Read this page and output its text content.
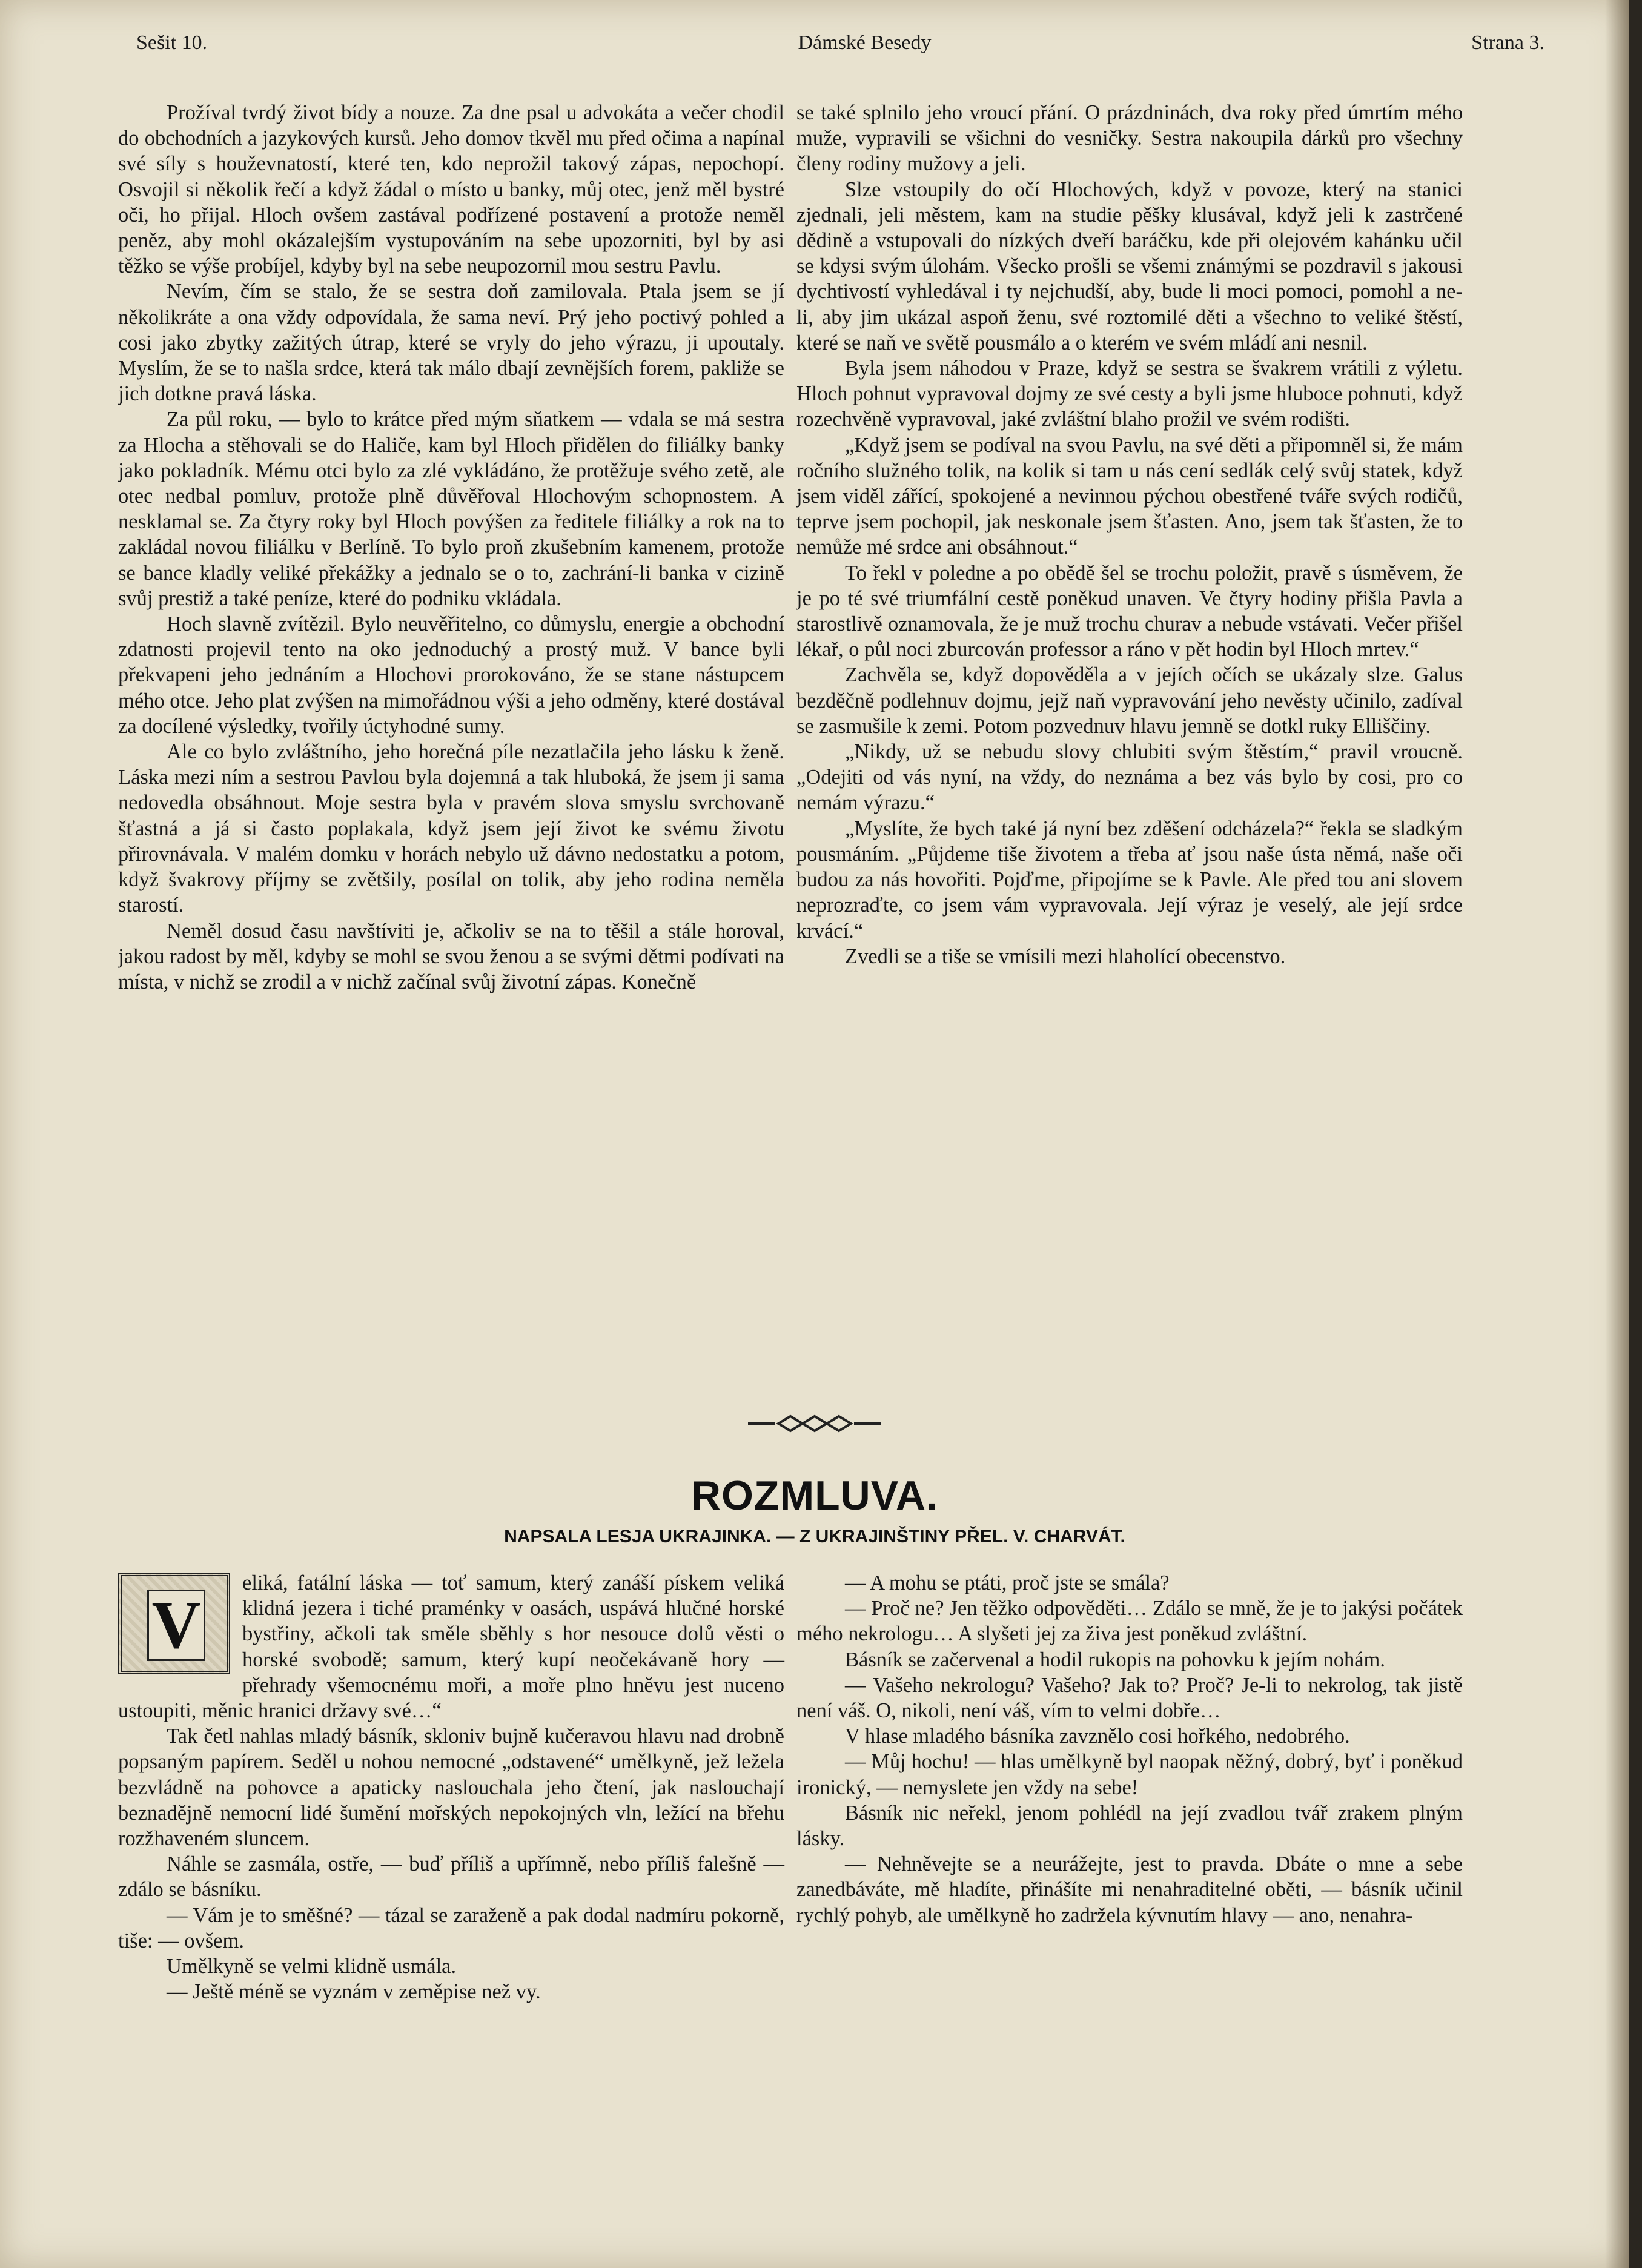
Sešit 10.	Dámské Besedy	Strana 3.

Prožíval tvrdý život bídy a nouze. Za dne psal u advokáta a večer chodil do obchodních a jazykových kursů. Jeho domov tkvěl mu před očima a napínal své síly s houževnatostí, které ten, kdo neprožil takový zápas, nepochopí. Osvojil si několik řečí a když žádal o místo u banky, můj otec, jenž měl bystré oči, ho přijal. Hloch ovšem zastával podřízené postavení a protože neměl peněz, aby mohl okázalejším vystupováním na sebe upozorniti, byl by asi těžko se výše probíjel, kdyby byl na sebe neupozornil mou sestru Pavlu.

Nevím, čím se stalo, že se sestra doň zamilovala. Ptala jsem se jí několikráte a ona vždy odpovídala, že sama neví. Prý jeho poctivý pohled a cosi jako zbytky zažitých útrap, které se vryly do jeho výrazu, ji upoutaly. Myslím, že se to našla srdce, která tak málo dbají zevnějších forem, pakliže se jich dotkne pravá láska.

Za půl roku, — bylo to krátce před mým sňatkem — vdala se má sestra za Hlocha a stěhovali se do Haliče, kam byl Hloch přidělen do filiálky banky jako pokladník. Mému otci bylo za zlé vykládáno, že protěžuje svého zetě, ale otec nedbal pomluv, protože plně důvěřoval Hlochovým schopnostem. A nesklamal se. Za čtyry roky byl Hloch povýšen za ředitele filiálky a rok na to zakládal novou filiálku v Berlíně. To bylo proň zkušebním kamenem, protože se bance kladly veliké překážky a jednalo se o to, zachrání-li banka v cizině svůj prestiž a také peníze, které do podniku vkládala.

Hoch slavně zvítězil. Bylo neuvěřitelno, co důmyslu, energie a obchodní zdatnosti projevil tento na oko jednoduchý a prostý muž. V bance byli překvapeni jeho jednáním a Hlochovi prorokováno, že se stane nástupcem mého otce. Jeho plat zvýšen na mimořádnou výši a jeho odměny, které dostával za docílené výsledky, tvořily úctyhodné sumy.

Ale co bylo zvláštního, jeho horečná píle nezatlačila jeho lásku k ženě. Láska mezi ním a sestrou Pavlou byla dojemná a tak hluboká, že jsem ji sama nedovedla obsáhnout. Moje sestra byla v pravém slova smyslu svrchovaně šťastná a já si často poplakala, když jsem její život ke svému životu přirovnávala. V malém domku v horách nebylo už dávno nedostatku a potom, když švakrovy příjmy se zvětšily, posílal on tolik, aby jeho rodina neměla starostí.

Neměl dosud času navštíviti je, ačkoliv se na to těšil a stále horoval, jakou radost by měl, kdyby se mohl se svou ženou a se svými dětmi podívati na místa, v nichž se zrodil a v nichž začínal svůj životní zápas. Konečně

se také splnilo jeho vroucí přání. O prázdninách, dva roky před úmrtím mého muže, vypravili se všichni do vesničky. Sestra nakoupila dárků pro všechny členy rodiny mužovy a jeli.

Slze vstoupily do očí Hlochových, když v povoze, který na stanici zjednali, jeli městem, kam na studie pěšky klusával, když jeli k zastrčené dědině a vstupovali do nízkých dveří baráčku, kde při olejovém kahánku učil se kdysi svým úlohám. Všecko prošli se všemi známými se pozdravil s jakousi dychtivostí vyhledával i ty nejchudší, aby, bude li moci pomoci, pomohl a ne-li, aby jim ukázal aspoň ženu, své roztomilé děti a všechno to veliké štěstí, které se naň ve světě pousmálo a o kterém ve svém mládí ani nesnil.

Byla jsem náhodou v Praze, když se sestra se švakrem vrátili z výletu. Hloch pohnut vypravoval dojmy ze své cesty a byli jsme hluboce pohnuti, když rozechvěně vypravoval, jaké zvláštní blaho prožil ve svém rodišti.

„Když jsem se podíval na svou Pavlu, na své děti a připomněl si, že mám ročního služného tolik, na kolik si tam u nás cení sedlák celý svůj statek, když jsem viděl zářící, spokojené a nevinnou pýchou obestřené tváře svých rodičů, teprve jsem pochopil, jak neskonale jsem šťasten. Ano, jsem tak šťasten, že to nemůže mé srdce ani obsáhnout.“

To řekl v poledne a po obědě šel se trochu položit, pravě s úsměvem, že je po té své triumfální cestě poněkud unaven. Ve čtyry hodiny přišla Pavla a starostlivě oznamovala, že je muž trochu churav a nebude vstávati. Večer přišel lékař, o půl noci zburcován professor a ráno v pět hodin byl Hloch mrtev.“

Zachvěla se, když dopověděla a v jejích očích se ukázaly slze. Galus bezděčně podlehnuv dojmu, jejž naň vypravování jeho nevěsty učinilo, zadíval se zasmušile k zemi. Potom pozvednuv hlavu jemně se dotkl ruky Elliščiny.

„Nikdy, už se nebudu slovy chlubiti svým štěstím,“ pravil vroucně. „Odejiti od vás nyní, na vždy, do neznáma a bez vás bylo by cosi, pro co nemám výrazu.“

„Myslíte, že bych také já nyní bez zděšení odcházela?“ řekla se sladkým pousmáním. „Půjdeme tiše životem a třeba ať jsou naše ústa němá, naše oči budou za nás hovořiti. Pojďme, připojíme se k Pavle. Ale před tou ani slovem neprozraďte, co jsem vám vypravovala. Její výraz je veselý, ale její srdce krvácí.“

Zvedli se a tiše se vmísili mezi hlaholící obecenstvo.

ROZMLUVA.
NAPSALA LESJA UKRAJINKA. — Z UKRAJINŠTINY PŘEL. V. CHARVÁT.
V

eliká, fatální láska — toť samum, který zanáší pískem veliká klidná jezera i tiché praménky v oasách, uspává hlučné horské bystřiny, ačkoli tak směle sběhly s hor nesouce dolů věsti o horské svobodě; samum, který kupí neočekávaně hory — přehrady všemocnému moři, a moře plno hněvu jest nuceno ustoupiti, měnic hranici državy své…“

Tak četl nahlas mladý básník, skloniv bujně kučeravou hlavu nad drobně popsaným papírem. Seděl u nohou nemocné „odstavené“ umělkyně, jež ležela bezvládně na pohovce a apaticky naslouchala jeho čtení, jak naslouchají beznadějně nemocní lidé šumění mořských nepokojných vln, ležící na břehu rozžhaveném sluncem.

Náhle se zasmála, ostře, — buď příliš a upřímně, nebo příliš falešně — zdálo se básníku.

— Vám je to směšné? — tázal se zaraženě a pak dodal nadmíru pokorně, tiše: — ovšem.

Umělkyně se velmi klidně usmála.

— Ještě méně se vyznám v zeměpise než vy.

— A mohu se ptáti, proč jste se smála?

— Proč ne? Jen těžko odpověděti… Zdálo se mně, že je to jakýsi počátek mého nekrologu… A slyšeti jej za živa jest poněkud zvláštní.

Básník se začervenal a hodil rukopis na pohovku k jejím nohám.

— Vašeho nekrologu? Vašeho? Jak to? Proč? Je-li to nekrolog, tak jistě není váš. O, nikoli, není váš, vím to velmi dobře…

V hlase mladého básníka zavznělo cosi hořkého, nedobrého.

— Můj hochu! — hlas umělkyně byl naopak něžný, dobrý, byť i poněkud ironický, — nemyslete jen vždy na sebe!

Básník nic neřekl, jenom pohlédl na její zvadlou tvář zrakem plným lásky.

— Nehněvejte se a neurážejte, jest to pravda. Dbáte o mne a sebe zanedbáváte, mě hladíte, přinášíte mi nenahraditelné oběti, — básník učinil rychlý pohyb, ale umělkyně ho zadržela kývnutím hlavy — ano, nenahra-
